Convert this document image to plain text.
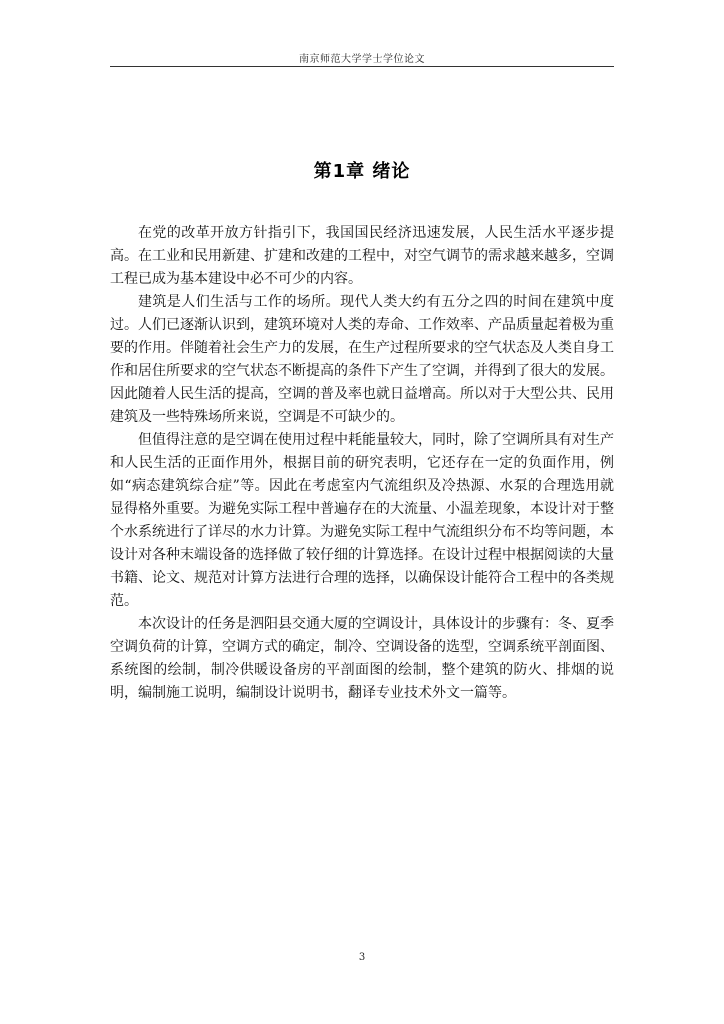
南京师范大学学士学位论文
第1章 绪论

在党的改革开放方针指引下，我国国民经济迅速发展，人民生活水平逐步提高。在工业和民用新建、扩建和改建的工程中，对空气调节的需求越来越多，空调工程已成为基本建设中必不可少的内容。

建筑是人们生活与工作的场所。现代人类大约有五分之四的时间在建筑中度过。人们已逐渐认识到，建筑环境对人类的寿命、工作效率、产品质量起着极为重要的作用。伴随着社会生产力的发展，在生产过程所要求的空气状态及人类自身工作和居住所要求的空气状态不断提高的条件下产生了空调，并得到了很大的发展。因此随着人民生活的提高，空调的普及率也就日益增高。所以对于大型公共、民用建筑及一些特殊场所来说，空调是不可缺少的。

但值得注意的是空调在使用过程中耗能量较大，同时，除了空调所具有对生产和人民生活的正面作用外，根据目前的研究表明，它还存在一定的负面作用，例如“病态建筑综合症”等。因此在考虑室内气流组织及冷热源、水泵的合理选用就显得格外重要。为避免实际工程中普遍存在的大流量、小温差现象，本设计对于整个水系统进行了详尽的水力计算。为避免实际工程中气流组织分布不均等问题，本设计对各种末端设备的选择做了较仔细的计算选择。在设计过程中根据阅读的大量书籍、论文、规范对计算方法进行合理的选择，以确保设计能符合工程中的各类规范。

本次设计的任务是泗阳县交通大厦的空调设计，具体设计的步骤有：冬、夏季空调负荷的计算，空调方式的确定，制冷、空调设备的选型，空调系统平剖面图、系统图的绘制，制冷供暖设备房的平剖面图的绘制，整个建筑的防火、排烟的说明，编制施工说明，编制设计说明书，翻译专业技术外文一篇等。

3
